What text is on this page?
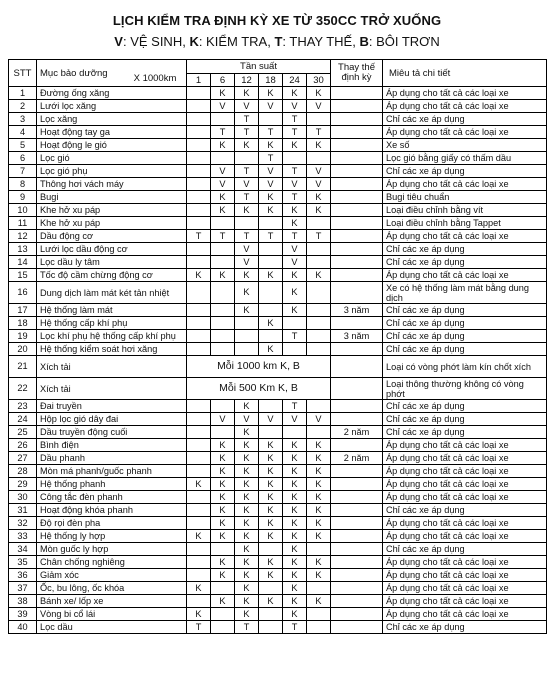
LỊCH KIỂM TRA ĐỊNH KỲ XE TỪ 350CC TRỞ XUỐNG
V: VỆ SINH, K: KIỂM TRA, T: THAY THẾ, B: BÔI TRƠN
STT	Mục bảo dưỡng	Tần suất						Thay thế định kỳ	Miêu tả chi tiết
		1	6	12	18	24	30		
1	Đường ống xăng		K	K	K	K	K		Áp dụng cho tất cả các loại xe
2	Lưới lọc xăng		V	V	V	V	V		Áp dụng cho tất cả các loại xe
3	Lọc xăng			T		T			Chỉ các xe áp dụng
4	Hoạt động tay ga		T	T	T	T	T		Áp dụng cho tất cả các loại xe
5	Hoạt động le gió		K	K	K	K	K		Xe số
6	Lọc gió				T				Lọc gió bằng giấy có thấm dầu
7	Lọc gió phụ		V	T	V	T	V		Chỉ các xe áp dụng
8	Thông hơi vách máy		V	V	V	V	V		Áp dụng cho tất cả các loại xe
9	Bugi		K	T	K	T	K		Bugi tiêu chuẩn
10	Khe hở xu páp		K	K	K	K	K		Loại điều chỉnh bằng vít
11	Khe hở xu páp					K			Loại điều chỉnh bằng Tappet
12	Dầu động cơ	T	T	T	T	T	T		Áp dụng cho tất cả các loại xe
13	Lưới lọc dầu động cơ			V		V			Chỉ các xe áp dụng
14	Lọc dầu ly tâm			V		V			Chỉ các xe áp dụng
15	Tốc độ cầm chừng động cơ	K	K	K	K	K	K		Áp dụng cho tất cả các loại xe
16	Dung dịch làm mát két tản nhiệt			K		K			Xe có hệ thống làm mát bằng dung dịch
17	Hệ thống làm mát			K		K		3 năm	Chỉ các xe áp dụng
18	Hệ thống cấp khí phụ				K				Chỉ các xe áp dụng
19	Lọc khí phụ hệ thống cấp khí phụ					T		3 năm	Chỉ các xe áp dụng
20	Hệ thống kiểm soát hơi xăng				K				Chỉ các xe áp dụng
21	Xích tải	Mỗi 1000 km K, B							Loại có vòng phớt làm kín chốt xích
22	Xích tải	Mỗi 500 Km K, B							Loại thông thường không có vòng phớt
23	Đai truyền			K		T			Chỉ các xe áp dụng
24	Hộp lọc gió dây đai		V	V	V	V	V		Chỉ các xe áp dụng
25	Dầu truyền động cuối			K				2 năm	Chỉ các xe áp dụng
26	Bình điện		K	K	K	K	K		Áp dụng cho tất cả các loại xe
27	Dầu phanh		K	K	K	K	K	2 năm	Áp dụng cho tất cả các loại xe
28	Mòn má phanh/guốc phanh		K	K	K	K	K		Áp dụng cho tất cả các loại xe
29	Hệ thống phanh	K	K	K	K	K	K		Áp dụng cho tất cả các loại xe
30	Công tắc đèn phanh		K	K	K	K	K		Áp dụng cho tất cả các loại xe
31	Hoạt động khóa phanh		K	K	K	K	K		Chỉ các xe áp dụng
32	Độ rọi đèn pha		K	K	K	K	K		Áp dụng cho tất cả các loại xe
33	Hệ thống ly hợp	K	K	K	K	K	K		Áp dụng cho tất cả các loại xe
34	Mòn guốc ly hợp			K		K			Chỉ các xe áp dụng
35	Chân chống nghiêng		K	K	K	K	K		Áp dụng cho tất cả các loại xe
36	Giảm xóc		K	K	K	K	K		Áp dụng cho tất cả các loại xe
37	Ốc, bu lông, ốc khóa	K		K		K			Áp dụng cho tất cả các loại xe
38	Bánh xe/ lốp xe		K	K	K	K	K		Áp dụng cho tất cả các loại xe
39	Vòng bi cổ lái	K		K		K			Áp dụng cho tất cả các loại xe
40	Lọc dầu	T		T		T			Chỉ các xe áp dụng
X 1000km
